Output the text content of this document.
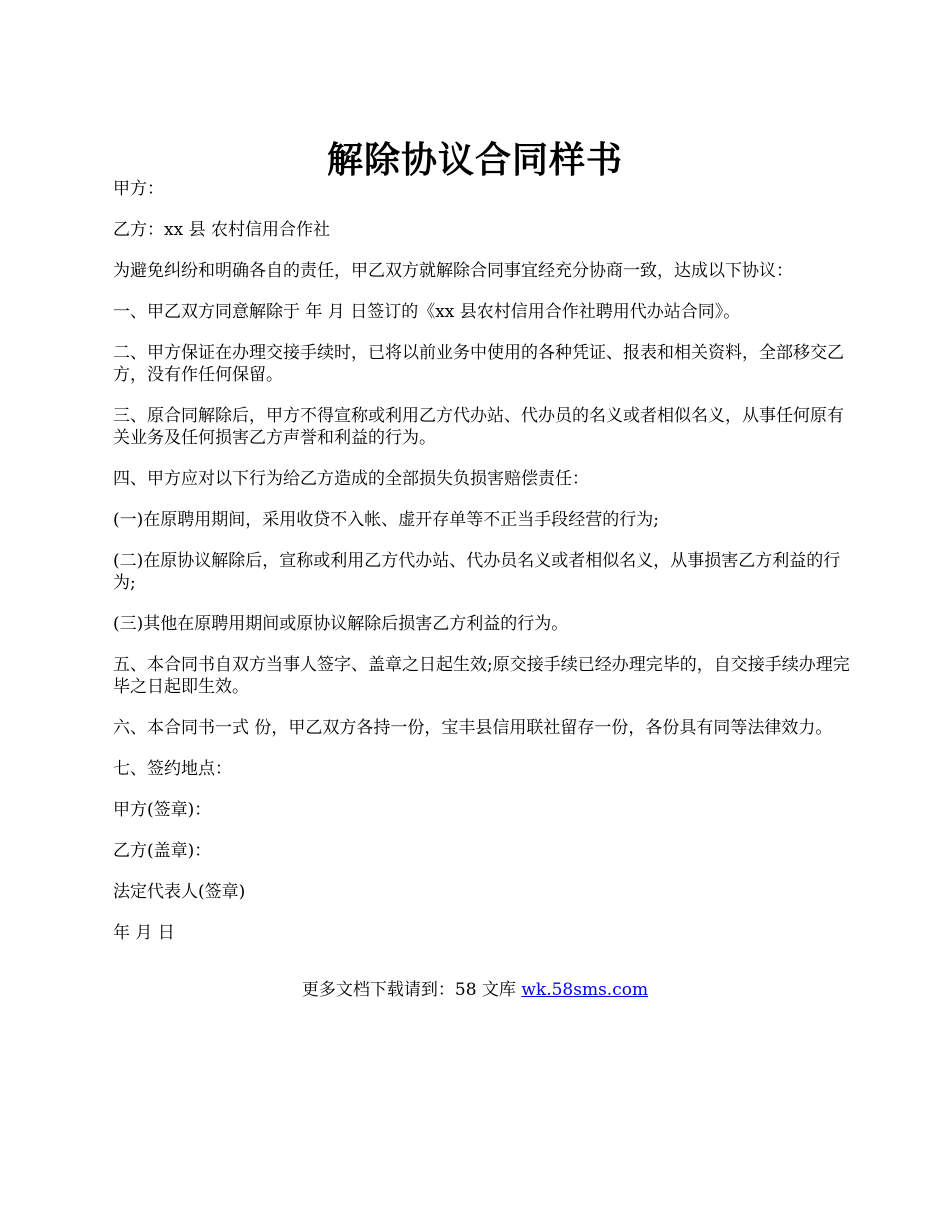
解除协议合同样书

甲方：

乙方：xx 县 农村信用合作社

为避免纠纷和明确各自的责任，甲乙双方就解除合同事宜经充分协商一致，达成以下协议：

一、甲乙双方同意解除于 年 月 日签订的《xx 县农村信用合作社聘用代办站合同》。

二、甲方保证在办理交接手续时，已将以前业务中使用的各种凭证、报表和相关资料，全部移交乙方，没有作任何保留。

三、原合同解除后，甲方不得宣称或利用乙方代办站、代办员的名义或者相似名义，从事任何原有关业务及任何损害乙方声誉和利益的行为。

四、甲方应对以下行为给乙方造成的全部损失负损害赔偿责任：

(一)在原聘用期间，采用收贷不入帐、虚开存单等不正当手段经营的行为;

(二)在原协议解除后，宣称或利用乙方代办站、代办员名义或者相似名义，从事损害乙方利益的行为;

(三)其他在原聘用期间或原协议解除后损害乙方利益的行为。

五、本合同书自双方当事人签字、盖章之日起生效;原交接手续已经办理完毕的，自交接手续办理完毕之日起即生效。

六、本合同书一式 份，甲乙双方各持一份，宝丰县信用联社留存一份，各份具有同等法律效力。

七、签约地点：

甲方(签章)：

乙方(盖章)：

法定代表人(签章)

年 月 日

更多文档下载请到：58 文库 wk.58sms.com
